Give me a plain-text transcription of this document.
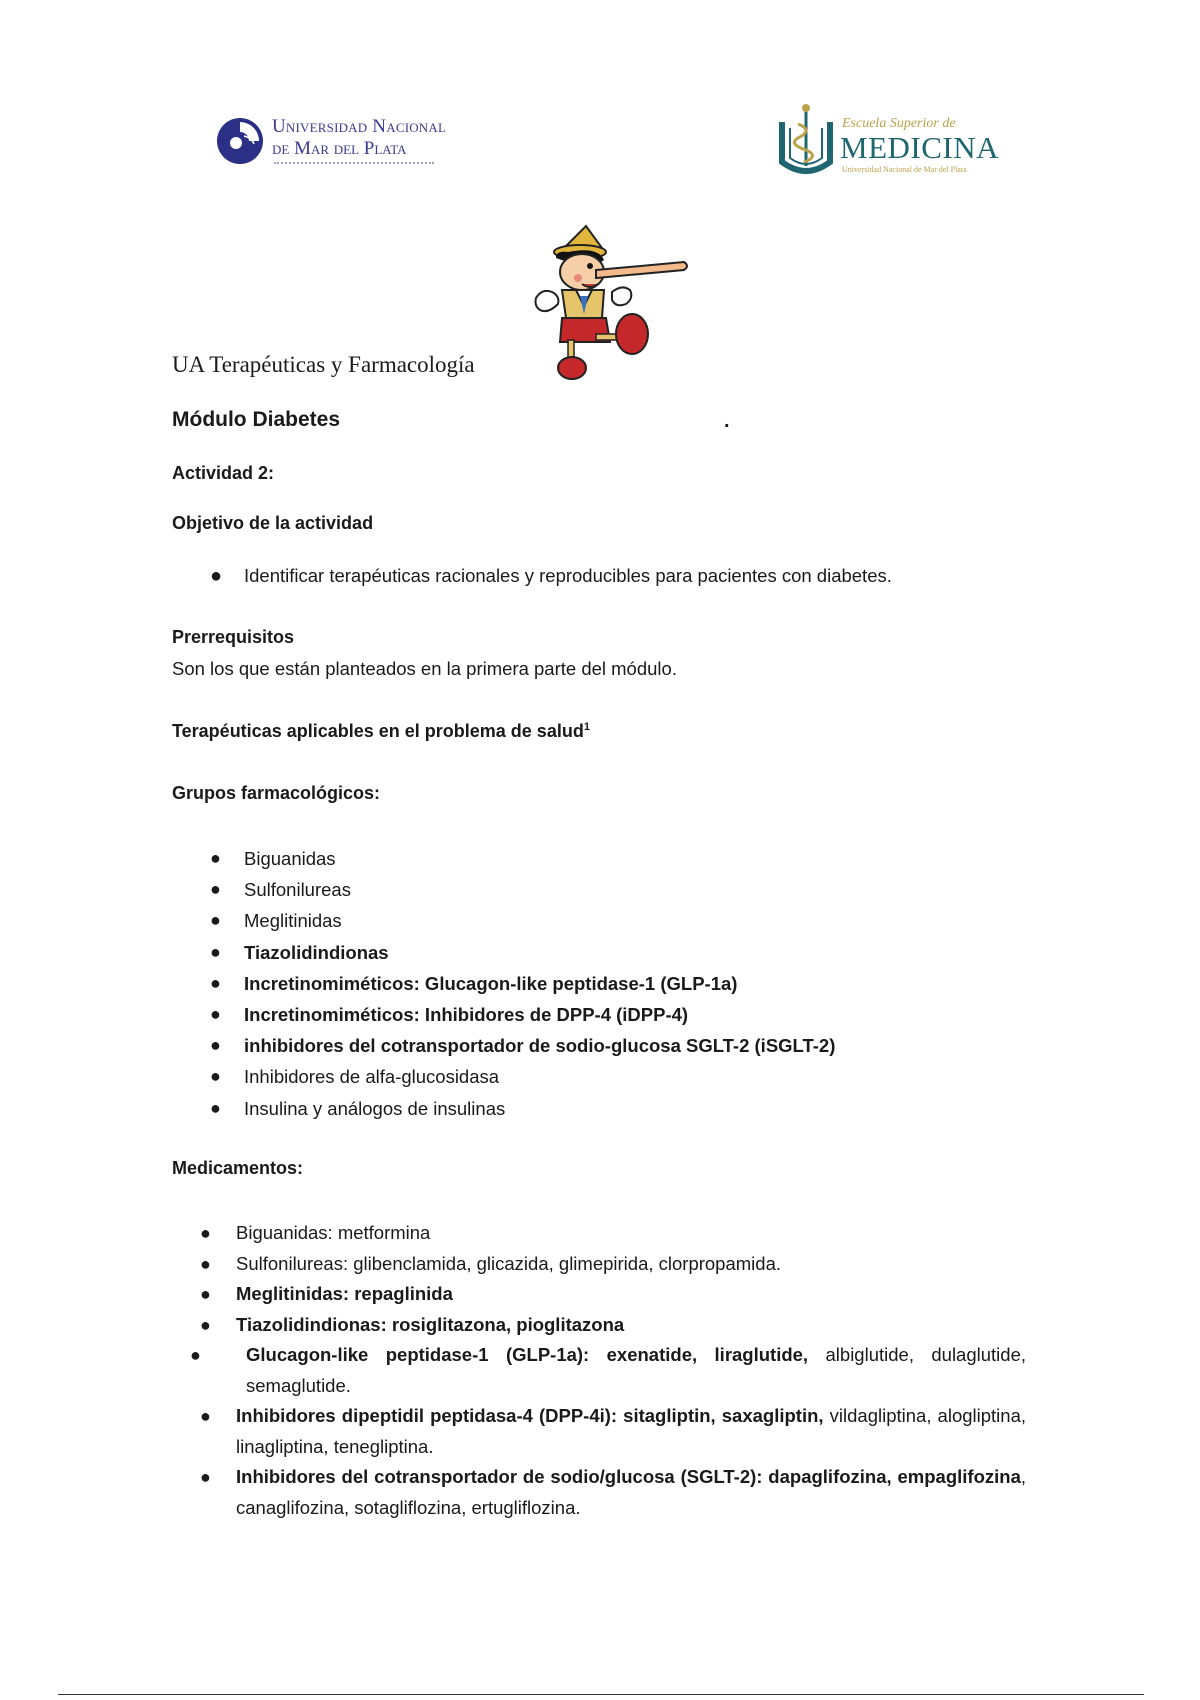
Universidad Nacional
de Mar del Plata
Escuela Superior de
MEDICINA
Universidad Nacional de Mar del Plata
UA Terapéuticas y Farmacología
Módulo Diabetes	.
Actividad 2:
Objetivo de la actividad
● Identificar terapéuticas racionales y reproducibles para pacientes con diabetes.
Prerrequisitos
Son los que están planteados en la primera parte del módulo.
Terapéuticas aplicables en el problema de salud$^1$
Grupos farmacológicos:
● Biguanidas
● Sulfonilureas
● Meglitinidas
● Tiazolidindionas
● Incretinomiméticos: Glucagon-like peptidase-1 (GLP-1a)
● Incretinomiméticos: Inhibidores de DPP-4 (iDPP-4)
● inhibidores del cotransportador de sodio-glucosa SGLT-2 (iSGLT-2)
● Inhibidores de alfa-glucosidasa
● Insulina y análogos de insulinas
Medicamentos:
● Biguanidas: metformina
● Sulfonilureas: glibenclamida, glicazida, glimepirida, clorpropamida.
● Meglitinidas: repaglinida
● Tiazolidindionas: rosiglitazona, pioglitazona
● Glucagon-like peptidase-1 (GLP-1a): exenatide, liraglutide, albiglutide, dulaglutide, semaglutide.
● Inhibidores dipeptidil peptidasa-4 (DPP-4i): sitagliptin, saxagliptin, vildagliptina, alogliptina, linagliptina, tenegliptina.
● Inhibidores del cotransportador de sodio/glucosa (SGLT-2): dapaglifozina, empaglifozina, canaglifozina, sotagliflozina, ertugliflozina.
